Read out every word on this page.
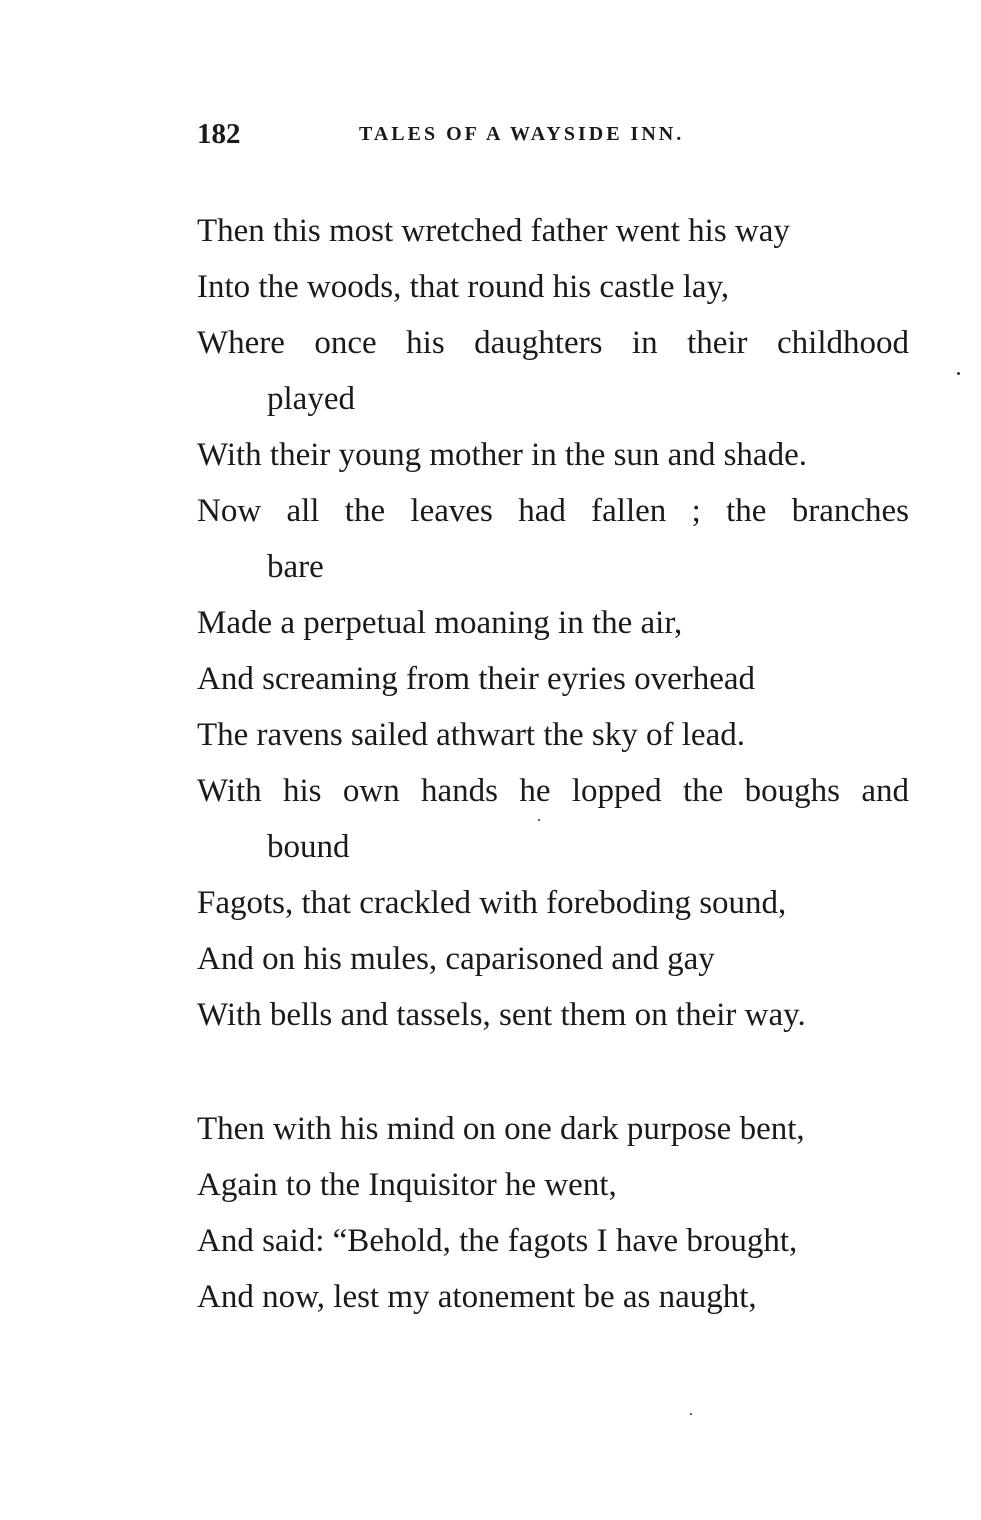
182	TALES OF A WAYSIDE INN.
Then this most wretched father went his way
Into the woods, that round his castle lay,
Where once his daughters in their childhood
played
With their young mother in the sun and shade.
Now all the leaves had fallen ; the branches
bare
Made a perpetual moaning in the air,
And screaming from their eyries overhead
The ravens sailed athwart the sky of lead.
With his own hands he lopped the boughs and
bound
Fagots, that crackled with foreboding sound,
And on his mules, caparisoned and gay
With bells and tassels, sent them on their way.
Then with his mind on one dark purpose bent,
Again to the Inquisitor he went,
And said: “Behold, the fagots I have brought,
And now, lest my atonement be as naught,
